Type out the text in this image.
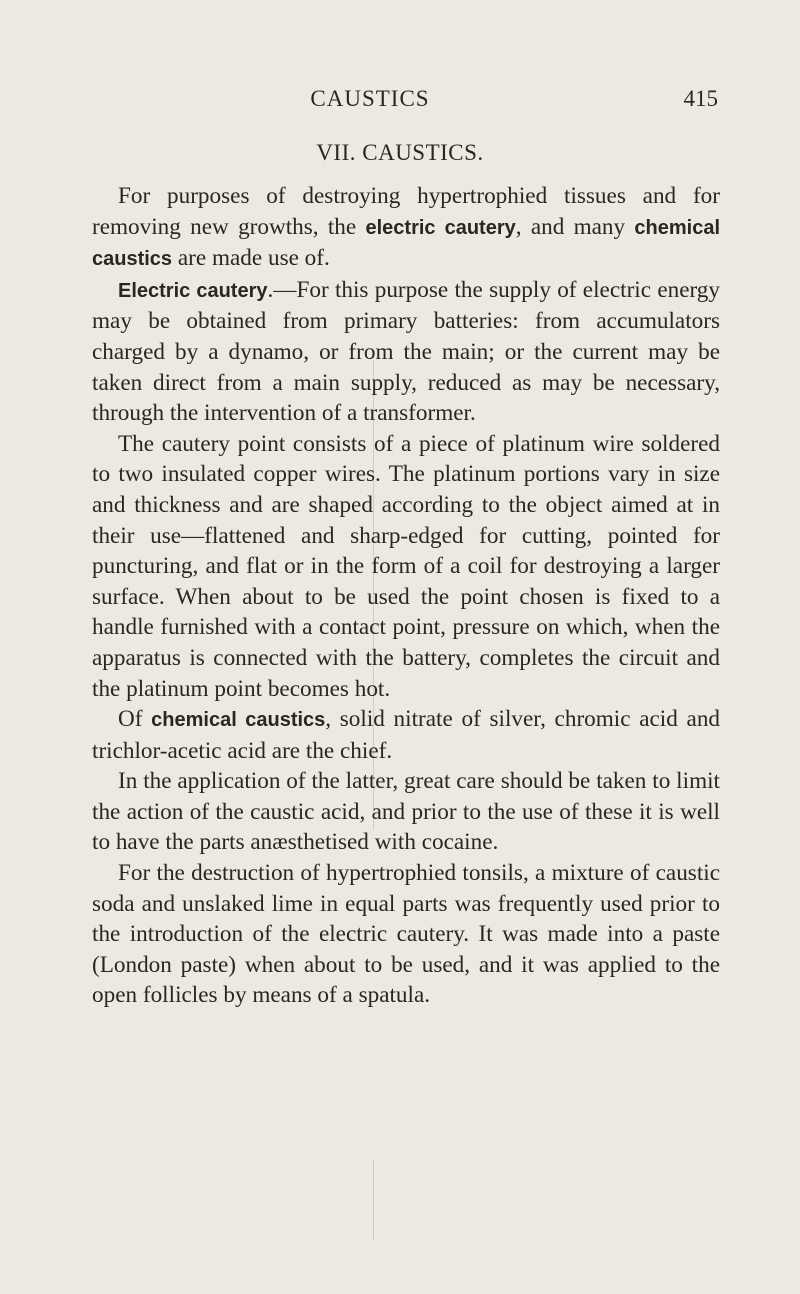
CAUSTICS	415
VII. CAUSTICS.

For purposes of destroying hypertrophied tissues and for removing new growths, the electric cautery, and many chemical caustics are made use of.

Electric cautery.—For this purpose the supply of electric energy may be obtained from primary batteries: from accumulators charged by a dynamo, or from the main; or the current may be taken direct from a main supply, reduced as may be necessary, through the intervention of a transformer.

The cautery point consists of a piece of platinum wire soldered to two insulated copper wires. The platinum portions vary in size and thickness and are shaped according to the object aimed at in their use—flattened and sharp-edged for cutting, pointed for puncturing, and flat or in the form of a coil for destroying a larger surface. When about to be used the point chosen is fixed to a handle furnished with a contact point, pressure on which, when the apparatus is connected with the battery, completes the circuit and the platinum point becomes hot.

Of chemical caustics, solid nitrate of silver, chromic acid and trichlor-acetic acid are the chief.

In the application of the latter, great care should be taken to limit the action of the caustic acid, and prior to the use of these it is well to have the parts anæsthetised with cocaine.

For the destruction of hypertrophied tonsils, a mixture of caustic soda and unslaked lime in equal parts was frequently used prior to the introduction of the electric cautery. It was made into a paste (London paste) when about to be used, and it was applied to the open follicles by means of a spatula.
